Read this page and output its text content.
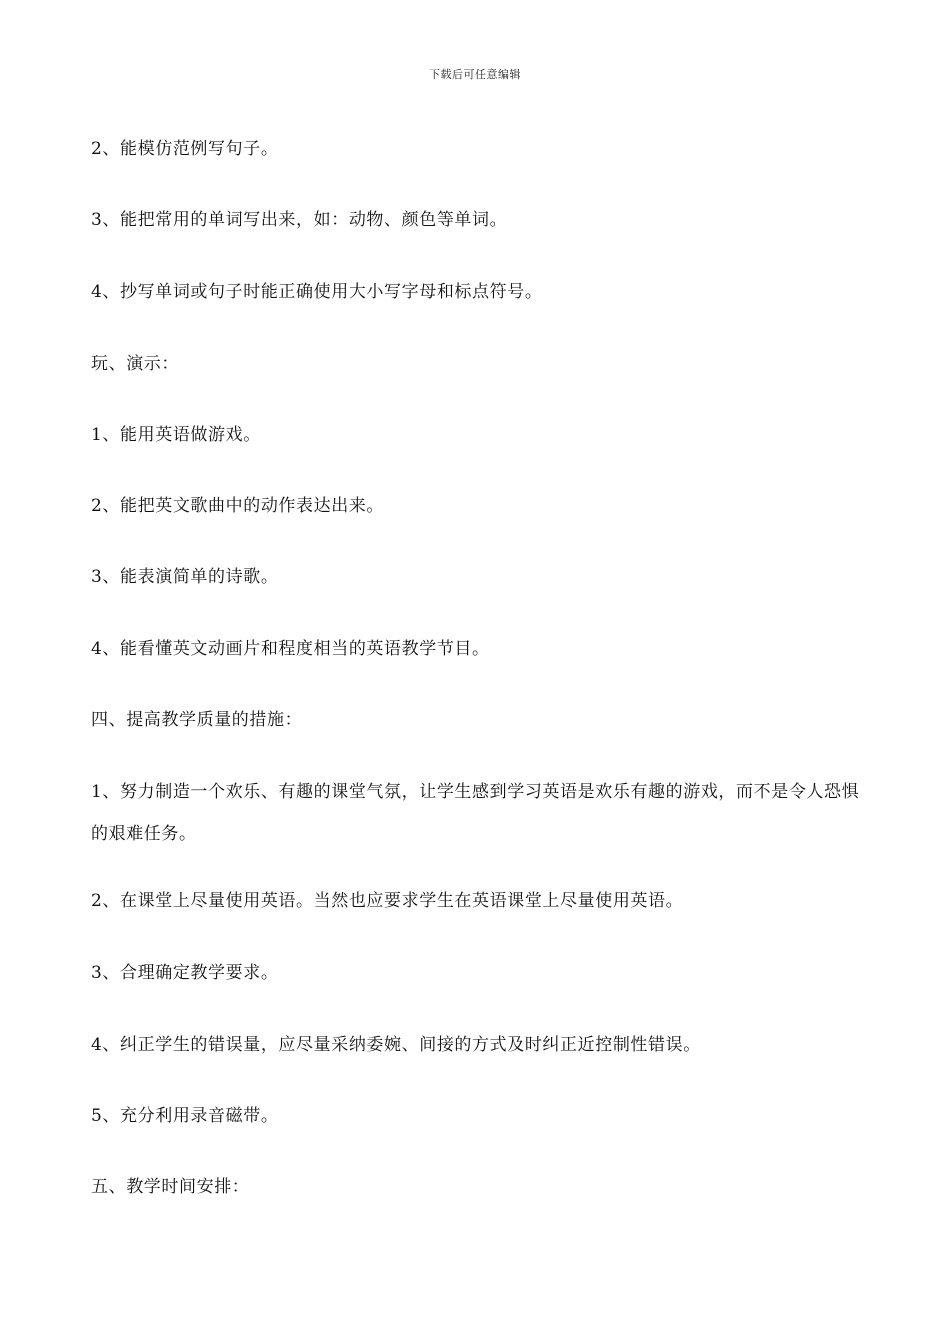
下载后可任意编辑
2、能模仿范例写句子。
3、能把常用的单词写出来，如：动物、颜色等单词。
4、抄写单词或句子时能正确使用大小写字母和标点符号。
玩、演示：
1、能用英语做游戏。
2、能把英文歌曲中的动作表达出来。
3、能表演简单的诗歌。
4、能看懂英文动画片和程度相当的英语教学节目。
四、提高教学质量的措施：
1、努力制造一个欢乐、有趣的课堂气氛，让学生感到学习英语是欢乐有趣的游戏，而不是令人恐惧的艰难任务。
2、在课堂上尽量使用英语。当然也应要求学生在英语课堂上尽量使用英语。
3、合理确定教学要求。
4、纠正学生的错误量，应尽量采纳委婉、间接的方式及时纠正近控制性错误。
5、充分利用录音磁带。
五、教学时间安排：
